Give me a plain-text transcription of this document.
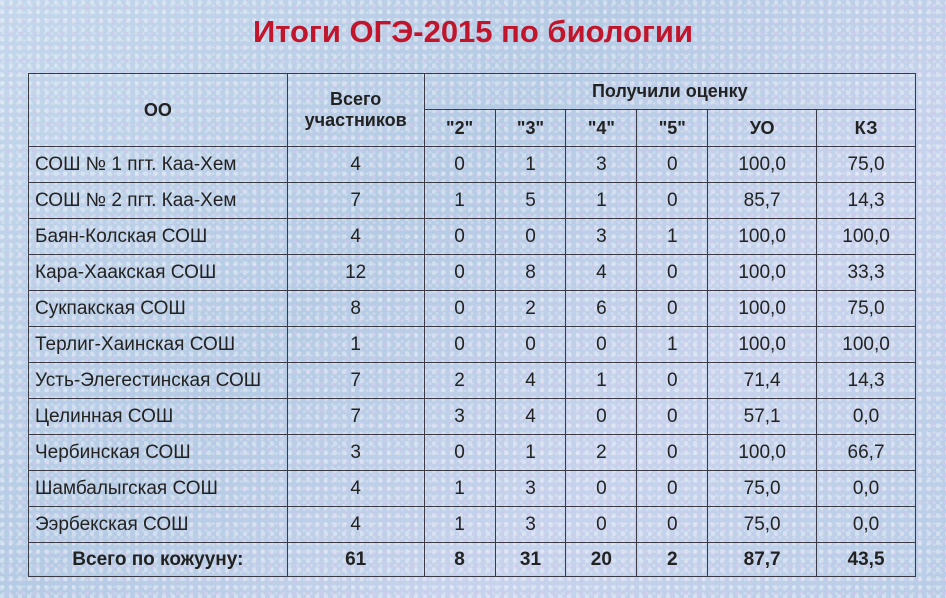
Итоги ОГЭ-2015 по биологии
ОО	Всего участников	Получили оценку					
		"2"	"3"	"4"	"5"	УО	КЗ
СОШ № 1 пгт. Каа-Хем	4	0	1	3	0	100,0	75,0
СОШ № 2 пгт. Каа-Хем	7	1	5	1	0	85,7	14,3
Баян-Колская СОШ	4	0	0	3	1	100,0	100,0
Кара-Хаакская СОШ	12	0	8	4	0	100,0	33,3
Сукпакская СОШ	8	0	2	6	0	100,0	75,0
Терлиг-Хаинская СОШ	1	0	0	0	1	100,0	100,0
Усть-Элегестинская СОШ	7	2	4	1	0	71,4	14,3
Целинная СОШ	7	3	4	0	0	57,1	0,0
Чербинская СОШ	3	0	1	2	0	100,0	66,7
Шамбалыгская СОШ	4	1	3	0	0	75,0	0,0
Ээрбекская СОШ	4	1	3	0	0	75,0	0,0
Всего по кожууну:	61	8	31	20	2	87,7	43,5
